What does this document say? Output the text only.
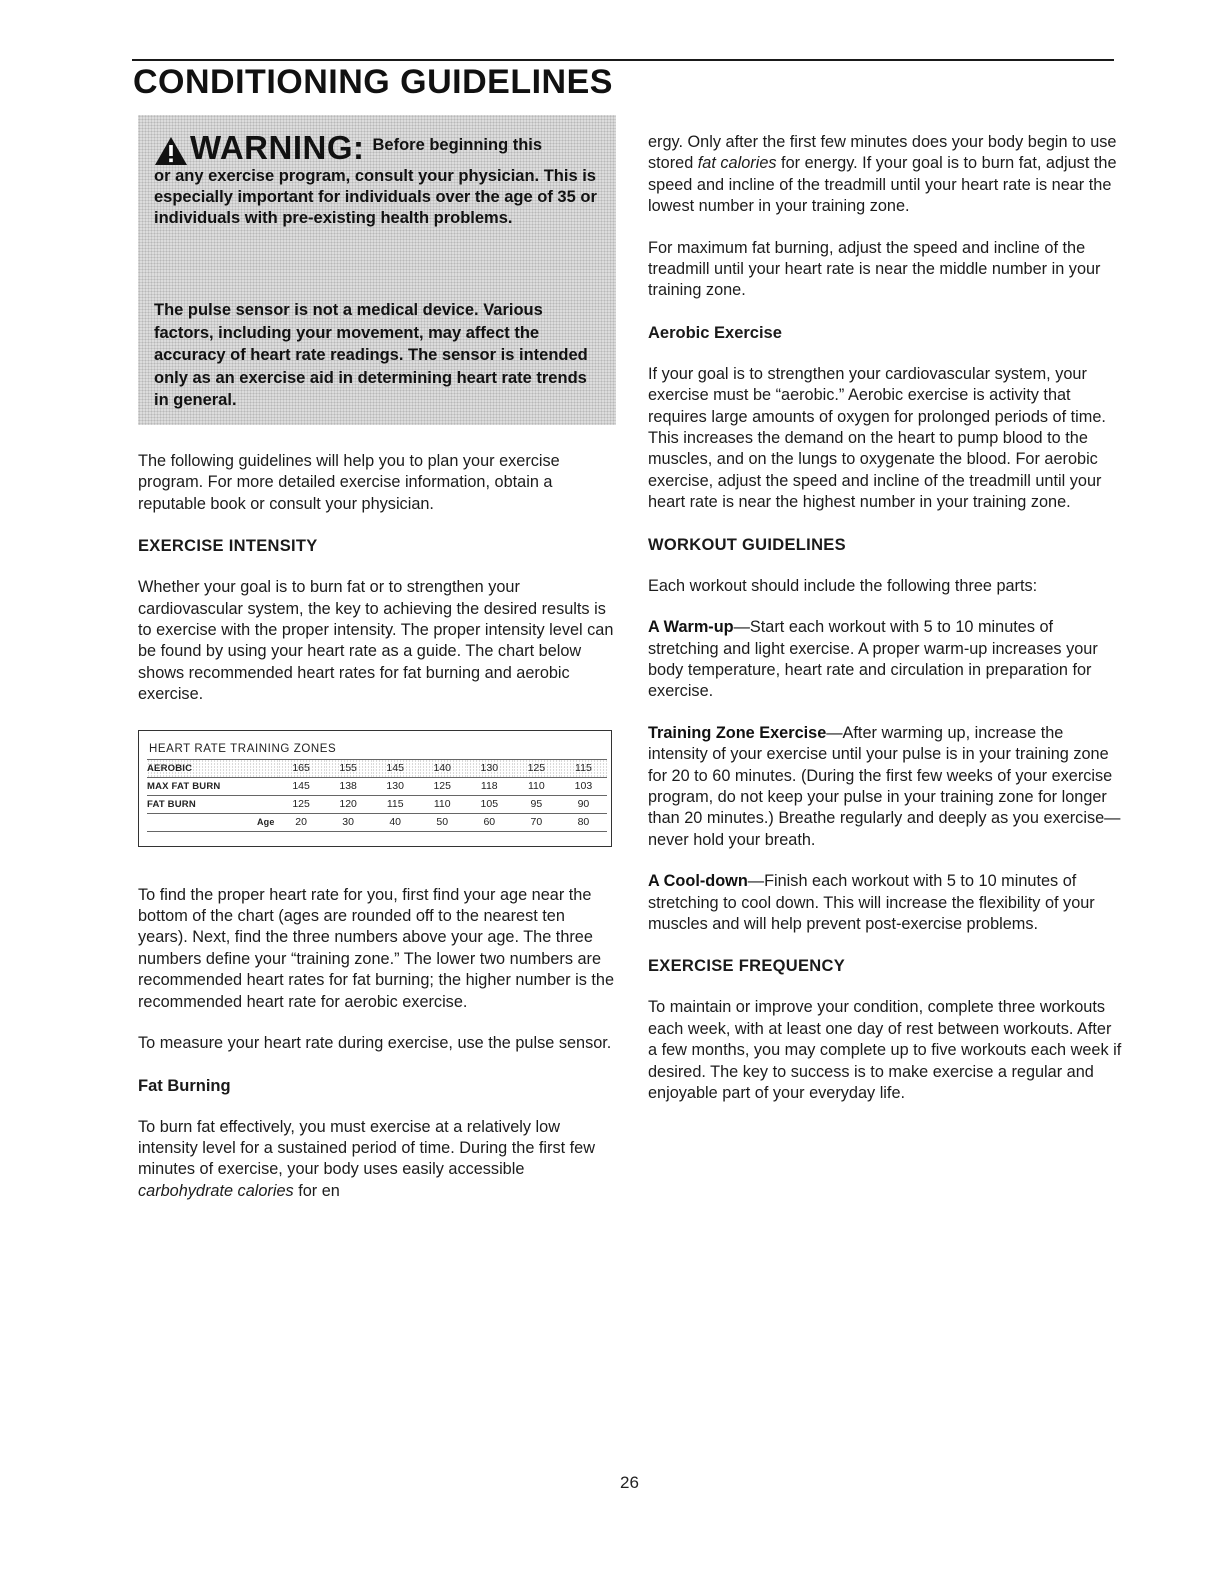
CONDITIONING GUIDELINES
WARNING: Before beginning this

or any exercise program, consult your physician. This is especially important for individuals over the age of 35 or individuals with pre-existing health problems.

The pulse sensor is not a medical device. Various factors, including your movement, may affect the accuracy of heart rate readings. The sensor is intended only as an exercise aid in determining heart rate trends in general.

The following guidelines will help you to plan your exercise program. For more detailed exercise information, obtain a reputable book or consult your physician.

EXERCISE INTENSITY

Whether your goal is to burn fat or to strengthen your cardiovascular system, the key to achieving the desired results is to exercise with the proper intensity. The proper intensity level can be found by using your heart rate as a guide. The chart below shows recommended heart rates for fat burning and aerobic exercise.

HEART RATE TRAINING ZONES
AEROBIC	165	155	145	140	130	125	115
MAX FAT BURN	145	138	130	125	118	110	103
FAT BURN	125	120	115	110	105	95	90
Age	20	30	40	50	60	70	80

To find the proper heart rate for you, first find your age near the bottom of the chart (ages are rounded off to the nearest ten years). Next, find the three numbers above your age. The three numbers define your “training zone.” The lower two numbers are recommended heart rates for fat burning; the higher number is the recommended heart rate for aerobic exercise.

To measure your heart rate during exercise, use the pulse sensor.

Fat Burning

To burn fat effectively, you must exercise at a relatively low intensity level for a sustained period of time. During the first few minutes of exercise, your body uses easily accessible carbohydrate calories for en

ergy. Only after the first few minutes does your body begin to use stored fat calories for energy. If your goal is to burn fat, adjust the speed and incline of the treadmill until your heart rate is near the lowest number in your training zone.

For maximum fat burning, adjust the speed and incline of the treadmill until your heart rate is near the middle number in your training zone.

Aerobic Exercise

If your goal is to strengthen your cardiovascular system, your exercise must be “aerobic.” Aerobic exercise is activity that requires large amounts of oxygen for prolonged periods of time. This increases the demand on the heart to pump blood to the muscles, and on the lungs to oxygenate the blood. For aerobic exercise, adjust the speed and incline of the treadmill until your heart rate is near the highest number in your training zone.

WORKOUT GUIDELINES

Each workout should include the following three parts:

A Warm-up—Start each workout with 5 to 10 minutes of stretching and light exercise. A proper warm-up increases your body temperature, heart rate and circulation in preparation for exercise.

Training Zone Exercise—After warming up, increase the intensity of your exercise until your pulse is in your training zone for 20 to 60 minutes. (During the first few weeks of your exercise program, do not keep your pulse in your training zone for longer than 20 minutes.) Breathe regularly and deeply as you exercise—never hold your breath.

A Cool-down—Finish each workout with 5 to 10 minutes of stretching to cool down. This will increase the flexibility of your muscles and will help prevent post-exercise problems.

EXERCISE FREQUENCY

To maintain or improve your condition, complete three workouts each week, with at least one day of rest between workouts. After a few months, you may complete up to five workouts each week if desired. The key to success is to make exercise a regular and enjoyable part of your everyday life.

26
